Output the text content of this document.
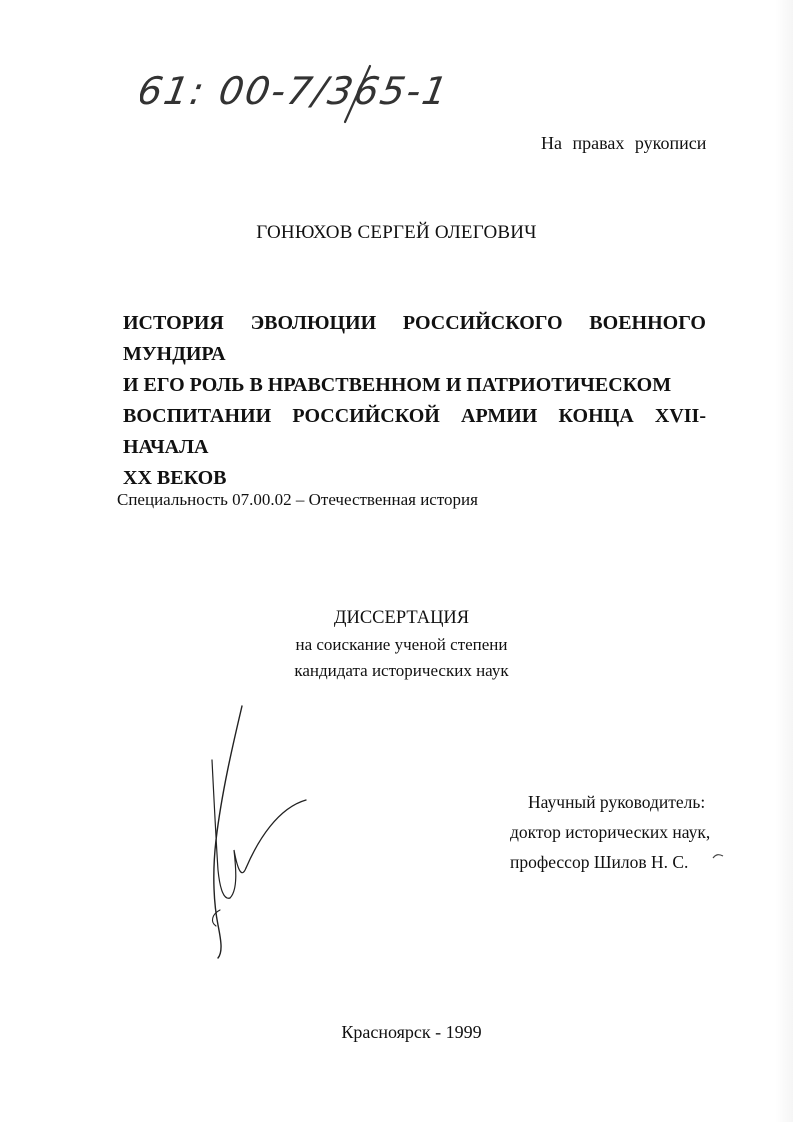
61: 00-7/365-1
На правах рукописи
ГОНЮХОВ СЕРГЕЙ ОЛЕГОВИЧ
ИСТОРИЯ ЭВОЛЮЦИИ РОССИЙСКОГО ВОЕННОГО МУНДИРА
И ЕГО РОЛЬ В НРАВСТВЕННОМ И ПАТРИОТИЧЕСКОМ
ВОСПИТАНИИ РОССИЙСКОЙ АРМИИ КОНЦА XVII- НАЧАЛА
XX ВЕКОВ
Специальность 07.00.02 – Отечественная история
ДИССЕРТАЦИЯ
на соискание ученой степени
кандидата исторических наук
Научный руководитель:
доктор исторических наук,
профессор Шилов Н. С.
Красноярск - 1999
